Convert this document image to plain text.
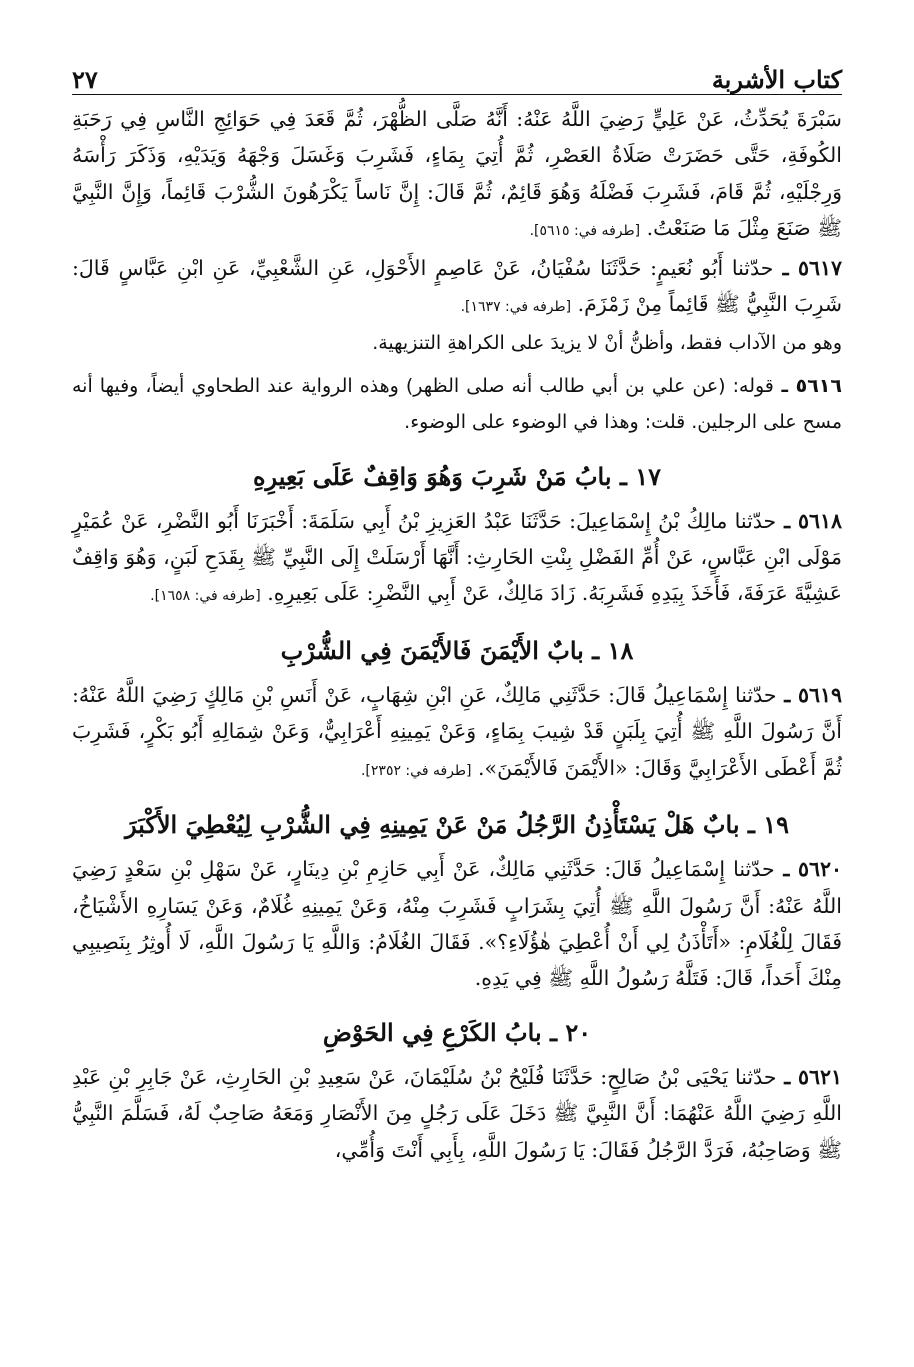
كتاب الأشربة
٢٧

سَبْرَةَ يُحَدِّثُ، عَنْ عَلِيٍّ رَضِيَ اللَّهُ عَنْهُ: أَنَّهُ صَلَّى الظُّهْرَ، ثُمَّ قَعَدَ فِي حَوَائِجِ النَّاسِ فِي رَحَبَةِ الكُوفَةِ، حَتَّى حَضَرَتْ صَلَاةُ العَصْرِ، ثُمَّ أُتِيَ بِمَاءٍ، فَشَرِبَ وَغَسَلَ وَجْهَهُ وَيَدَيْهِ، وَذَكَرَ رَأْسَهُ وَرِجْلَيْهِ، ثُمَّ قَامَ، فَشَرِبَ فَضْلَهُ وَهُوَ قَائِمٌ، ثُمَّ قَالَ: إِنَّ نَاساً يَكْرَهُونَ الشُّرْبَ قَائِماً، وَإِنَّ النَّبِيَّ ﷺ صَنَعَ مِثْلَ مَا صَنَعْتُ. [طرفه في: ٥٦١٥].

٥٦١٧ ـ حدّثنا أَبُو نُعَيمٍ: حَدَّثَنَا سُفْيَانُ، عَنْ عَاصِمٍ الأَحْوَلِ، عَنِ الشَّعْبِيِّ، عَنِ ابْنِ عَبَّاسٍ قَالَ: شَرِبَ النَّبِيُّ ﷺ قَائِماً مِنْ زَمْزَمَ. [طرفه في: ١٦٣٧].

وهو من الآداب فقط، وأظنُّ أنْ لا يزيدَ على الكراهةِ التنزيهية.

٥٦١٦ ـ قوله: (عن علي بن أبي طالب أنه صلى الظهر) وهذه الرواية عند الطحاوي أيضاً، وفيها أنه مسح على الرجلين. قلت: وهذا في الوضوء على الوضوء.

١٧ ـ بابُ مَنْ شَرِبَ وَهُوَ وَاقِفٌ عَلَى بَعِيرِهِ

٥٦١٨ ـ حدّثنا مالِكُ بْنُ إِسْمَاعِيلَ: حَدَّثَنَا عَبْدُ العَزِيزِ بْنُ أَبِي سَلَمَةَ: أَخْبَرَنَا أَبُو النَّضْرِ، عَنْ عُمَيْرٍ مَوْلَى ابْنِ عَبَّاسٍ، عَنْ أُمِّ الفَضْلِ بِنْتِ الحَارِثِ: أَنَّهَا أَرْسَلَتْ إِلَى النَّبِيِّ ﷺ بِقَدَحِ لَبَنٍ، وَهُوَ وَاقِفٌ عَشِيَّةَ عَرَفَةَ، فَأَخَذَ بِيَدِهِ فَشَرِبَهُ. زَادَ مَالِكٌ، عَنْ أَبِي النَّضْرِ: عَلَى بَعِيرِهِ. [طرفه في: ١٦٥٨].

١٨ ـ بابٌ الأَيْمَنَ فَالأَيْمَنَ فِي الشُّرْبِ

٥٦١٩ ـ حدّثنا إِسْمَاعِيلُ قَالَ: حَدَّثَنِي مَالِكٌ، عَنِ ابْنِ شِهَابٍ، عَنْ أَنَسِ بْنِ مَالِكٍ رَضِيَ اللَّهُ عَنْهُ: أَنَّ رَسُولَ اللَّهِ ﷺ أُتِيَ بِلَبَنٍ قَدْ شِيبَ بِمَاءٍ، وَعَنْ يَمِينِهِ أَعْرَابِيٌّ، وَعَنْ شِمَالِهِ أَبُو بَكْرٍ، فَشَرِبَ ثُمَّ أَعْطَى الأَعْرَابِيَّ وَقَالَ: «الأَيْمَنَ فَالأَيْمَنَ». [طرفه في: ٢٣٥٢].

١٩ ـ بابٌ هَلْ يَسْتَأْذِنُ الرَّجُلُ مَنْ عَنْ يَمِينِهِ فِي الشُّرْبِ لِيُعْطِيَ الأَكْبَرَ

٥٦٢٠ ـ حدّثنا إِسْمَاعِيلُ قَالَ: حَدَّثَنِي مَالِكٌ، عَنْ أَبِي حَازِمِ بْنِ دِينَارٍ، عَنْ سَهْلِ بْنِ سَعْدٍ رَضِيَ اللَّهُ عَنْهُ: أَنَّ رَسُولَ اللَّهِ ﷺ أُتِيَ بِشَرَابٍ فَشَرِبَ مِنْهُ، وَعَنْ يَمِينِهِ غُلَامٌ، وَعَنْ يَسَارِهِ الأَشْيَاخُ، فَقَالَ لِلْغُلَامِ: «أَتَأْذَنُ لِي أَنْ أُعْطِيَ هٰؤُلَاءِ؟». فَقَالَ الغُلَامُ: وَاللَّهِ يَا رَسُولَ اللَّهِ، لَا أُوثِرُ بِنَصِيبِي مِنْكَ أَحَداً، قَالَ: فَتَلَّهُ رَسُولُ اللَّهِ ﷺ فِي يَدِهِ.

٢٠ ـ بابُ الكَرْعِ فِي الحَوْضِ

٥٦٢١ ـ حدّثنا يَحْيَى بْنُ صَالِحٍ: حَدَّثَنَا فُلَيْحُ بْنُ سُلَيْمَانَ، عَنْ سَعِيدِ بْنِ الحَارِثِ، عَنْ جَابِرِ بْنِ عَبْدِ اللَّهِ رَضِيَ اللَّهُ عَنْهُمَا: أَنَّ النَّبِيَّ ﷺ دَخَلَ عَلَى رَجُلٍ مِنَ الأَنْصَارِ وَمَعَهُ صَاحِبٌ لَهُ، فَسَلَّمَ النَّبِيُّ ﷺ وَصَاحِبُهُ، فَرَدَّ الرَّجُلُ فَقَالَ: يَا رَسُولَ اللَّهِ، بِأَبِي أَنْتَ وَأُمِّي،
